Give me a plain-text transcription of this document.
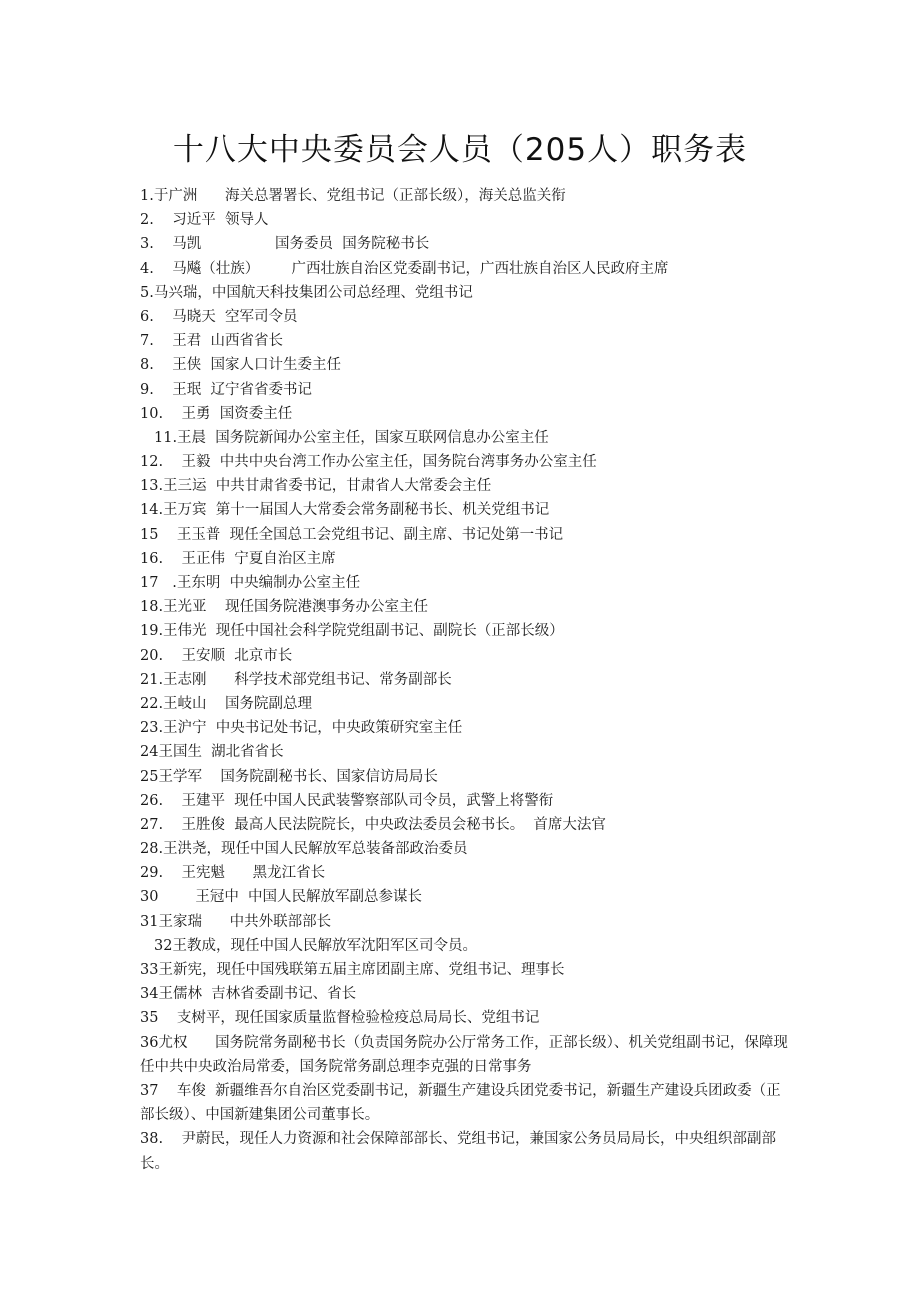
十八大中央委员会人员（205人）职务表
1.于广洲      海关总署署长、党组书记（正部长级），海关总监关衔
2.    习近平  领导人
3.    马凯                国务委员  国务院秘书长
4.    马飚（壮族）       广西壮族自治区党委副书记，广西壮族自治区人民政府主席
5.马兴瑞，中国航天科技集团公司总经理、党组书记
6.    马晓天  空军司令员
7.    王君  山西省省长
8.    王侠  国家人口计生委主任
9.    王珉  辽宁省省委书记
10.    王勇  国资委主任
11.王晨  国务院新闻办公室主任，国家互联网信息办公室主任
12.    王毅  中共中央台湾工作办公室主任，国务院台湾事务办公室主任
13.王三运  中共甘肃省委书记，甘肃省人大常委会主任
14.王万宾  第十一届国人大常委会常务副秘书长、机关党组书记
15    王玉普  现任全国总工会党组书记、副主席、书记处第一书记
16.    王正伟  宁夏自治区主席
17   .王东明  中央编制办公室主任
18.王光亚    现任国务院港澳事务办公室主任
19.王伟光  现任中国社会科学院党组副书记、副院长（正部长级）
20.    王安顺  北京市长
21.王志刚      科学技术部党组书记、常务副部长
22.王岐山    国务院副总理
23.王沪宁  中央书记处书记，中央政策研究室主任
24王国生  湖北省省长
25王学军    国务院副秘书长、国家信访局局长
26.    王建平  现任中国人民武装警察部队司令员，武警上将警衔
27.    王胜俊  最高人民法院院长，中央政法委员会秘书长。  首席大法官
28.王洪尧，现任中国人民解放军总装备部政治委员
29.    王宪魁      黑龙江省长
30        王冠中  中国人民解放军副总参谋长
31王家瑞      中共外联部部长
32王教成，现任中国人民解放军沈阳军区司令员。
33王新宪，现任中国残联第五届主席团副主席、党组书记、理事长
34王儒林  吉林省委副书记、省长
35    支树平，现任国家质量监督检验检疫总局局长、党组书记
36尤权      国务院常务副秘书长（负责国务院办公厅常务工作，正部长级）、机关党组副书记，保障现任中共中央政治局常委，国务院常务副总理李克强的日常事务
37    车俊  新疆维吾尔自治区党委副书记，新疆生产建设兵团党委书记，新疆生产建设兵团政委（正部长级）、中国新建集团公司董事长。
38.    尹蔚民，现任人力资源和社会保障部部长、党组书记，兼国家公务员局局长，中央组织部副部长。
